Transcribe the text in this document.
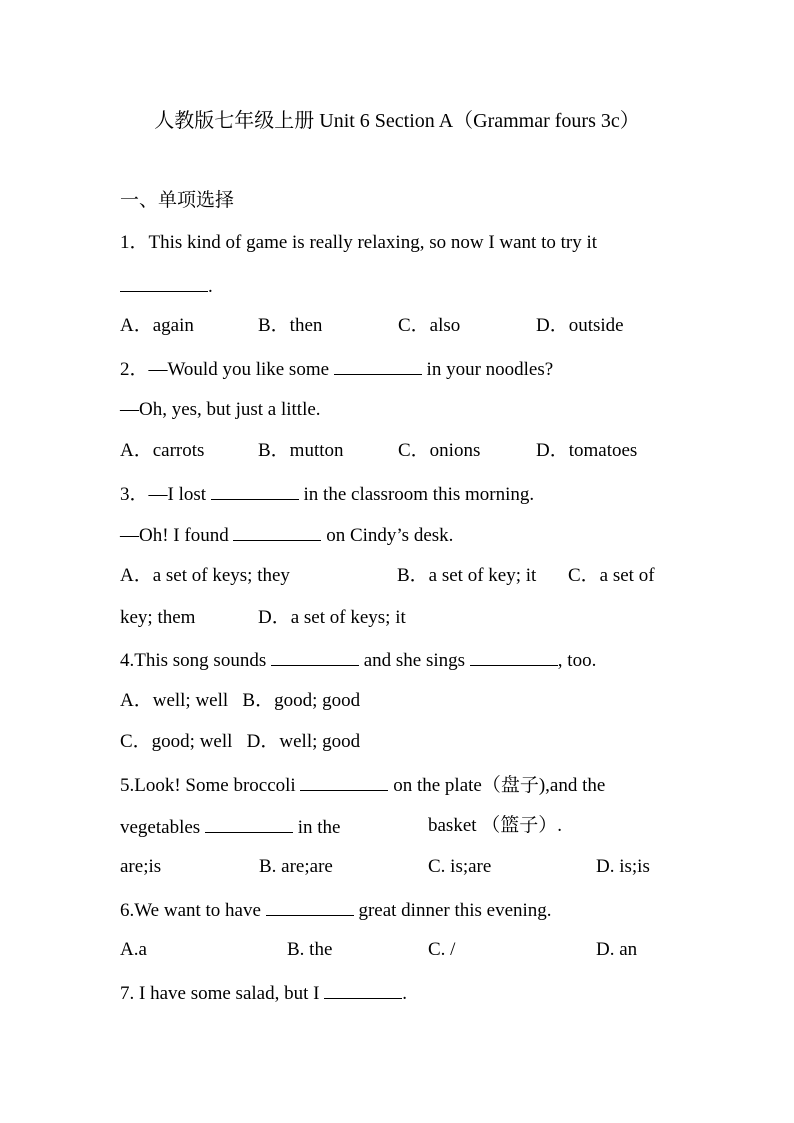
人教版七年级上册 Unit 6 Section A（Grammar fours 3c）
一、单项选择
1．This kind of game is really relaxing, so now I want to try it
.
A．again	B．then	C．also	D．outside
2．—Would you like some	in your noodles?
—Oh, yes, but just a little.
A．carrots	B．mutton	C．onions	D．tomatoes
3．—I lost	in the classroom this morning.
—Oh! I found	on Cindy’s desk.
A．a set of keys; they	B．a set of key; it C．a set of
key; them	D．a set of keys; it
4.This song sounds	and she sings	, too.
A．well; well   B．good; good
C．good; well   D．well; good
5.Look! Some broccoli	on the plate（盘子),and the
vegetables	in the	basket （篮子）.
are;is	B. are;are	C. is;are	D. is;is
6.We want to have	great dinner this evening.
A.a	B. the	C. /	D. an
7. I have some salad, but I	.
